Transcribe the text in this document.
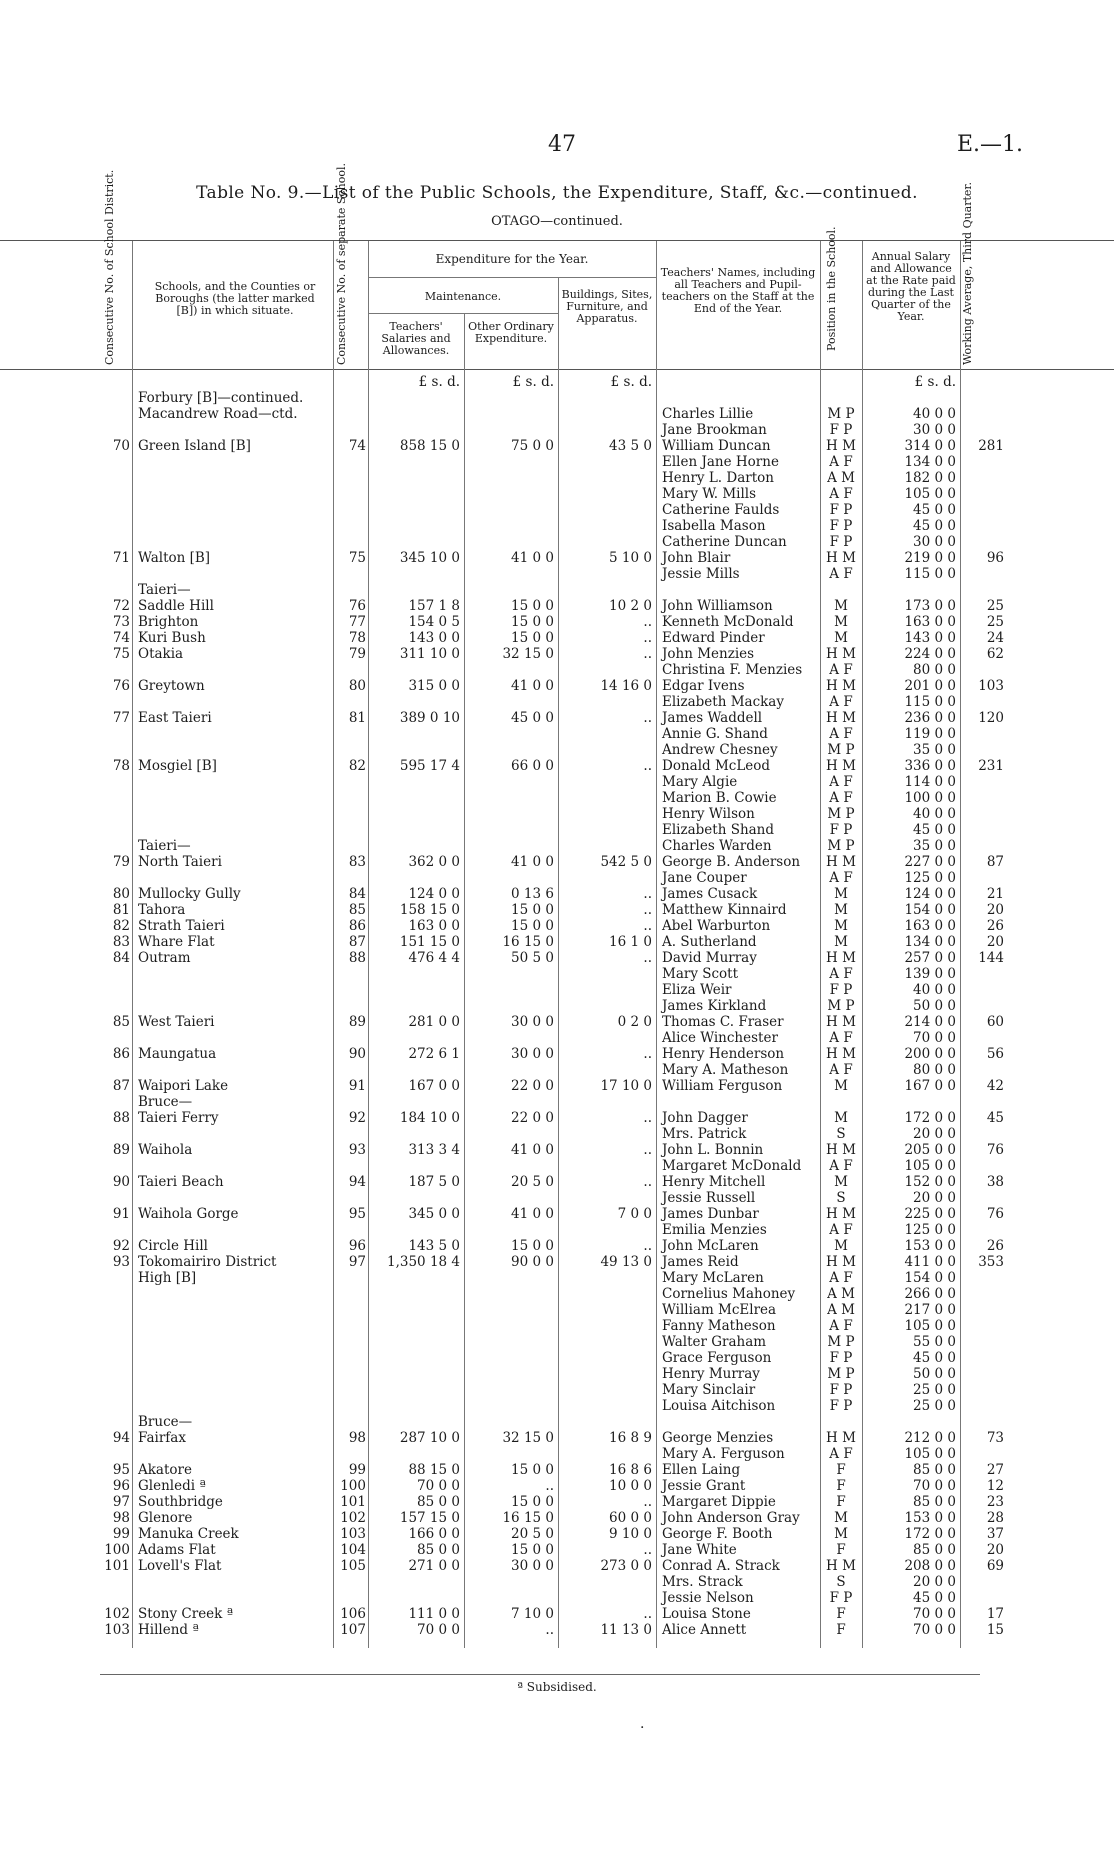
47	E.—1.
Table No. 9.—List of the Public Schools, the Expenditure, Staff, &c.—continued.
OTAGO—continued.
Consecutive No. of School District.	Schools, and the Counties or Boroughs (the latter marked [B]) in which situate.	Consecutive No. of separate School.	Expenditure for the Year.
Maintenance.
Teachers' Salaries and Allowances.
Other Ordinary Expenditure.
Buildings, Sites, Furniture, and Apparatus.
Teachers' Names, including all Teachers and Pupil-teachers on the Staff at the End of the Year.	Position in the School.	Annual Salary and Allowance at the Rate paid during the Last Quarter of the Year.	Working Average, Third Quarter.
£ s. d.	£ s. d.	£ s. d.	£ s. d.
Forbury [B]—continued.
Macandrew Road—ctd.	Charles Lillie	M P	40 0 0
Jane Brookman	F P	30 0 0
70 Green Island [B]	74	858 15 0	75 0 0	43 5 0 William Duncan	H M	314 0 0	281
Ellen Jane Horne	A F	134 0 0
Henry L. Darton	A M	182 0 0
Mary W. Mills	A F	105 0 0
Catherine Faulds	F P	45 0 0
Isabella Mason	F P	45 0 0
Catherine Duncan	F P	30 0 0
71 Walton [B]	75	345 10 0	41 0 0	5 10 0 John Blair	H M	219 0 0	96
Jessie Mills	A F	115 0 0
Taieri—
72 Saddle Hill	76	157 1 8	15 0 0	10 2 0 John Williamson	M	173 0 0	25
73 Brighton	77	154 0 5	15 0 0	.. Kenneth McDonald	M	163 0 0	25
74 Kuri Bush	78	143 0 0	15 0 0	.. Edward Pinder	M	143 0 0	24
75 Otakia	79	311 10 0	32 15 0	.. John Menzies	H M	224 0 0	62
Christina F. Menzies	A F	80 0 0
76 Greytown	80	315 0 0	41 0 0	14 16 0 Edgar Ivens	H M	201 0 0	103
Elizabeth Mackay	A F	115 0 0
77 East Taieri	81	389 0 10	45 0 0	.. James Waddell	H M	236 0 0	120
Annie G. Shand	A F	119 0 0
Andrew Chesney	M P	35 0 0
78 Mosgiel [B]	82	595 17 4	66 0 0	.. Donald McLeod	H M	336 0 0	231
Mary Algie	A F	114 0 0
Marion B. Cowie	A F	100 0 0
Henry Wilson	M P	40 0 0
Elizabeth Shand	F P	45 0 0
Taieri—	Charles Warden	M P	35 0 0
79 North Taieri	83	362 0 0	41 0 0	542 5 0 George B. Anderson	H M	227 0 0	87
Jane Couper	A F	125 0 0
80 Mullocky Gully	84	124 0 0	0 13 6	.. James Cusack	M	124 0 0	21
81 Tahora	85	158 15 0	15 0 0	.. Matthew Kinnaird	M	154 0 0	20
82 Strath Taieri	86	163 0 0	15 0 0	.. Abel Warburton	M	163 0 0	26
83 Whare Flat	87	151 15 0	16 15 0	16 1 0 A. Sutherland	M	134 0 0	20
84 Outram	88	476 4 4	50 5 0	.. David Murray	H M	257 0 0	144
Mary Scott	A F	139 0 0
Eliza Weir	F P	40 0 0
James Kirkland	M P	50 0 0
85 West Taieri	89	281 0 0	30 0 0	0 2 0 Thomas C. Fraser	H M	214 0 0	60
Alice Winchester	A F	70 0 0
86 Maungatua	90	272 6 1	30 0 0	.. Henry Henderson	H M	200 0 0	56
Mary A. Matheson	A F	80 0 0
87 Waipori Lake	91	167 0 0	22 0 0	17 10 0 William Ferguson	M	167 0 0	42
Bruce—
88 Taieri Ferry	92	184 10 0	22 0 0	.. John Dagger	M	172 0 0	45
Mrs. Patrick	S	20 0 0
89 Waihola	93	313 3 4	41 0 0	.. John L. Bonnin	H M	205 0 0	76
Margaret McDonald	A F	105 0 0
90 Taieri Beach	94	187 5 0	20 5 0	.. Henry Mitchell	M	152 0 0	38
Jessie Russell	S	20 0 0
91 Waihola Gorge	95	345 0 0	41 0 0	7 0 0 James Dunbar	H M	225 0 0	76
Emilia Menzies	A F	125 0 0
92 Circle Hill	96	143 5 0	15 0 0	.. John McLaren	M	153 0 0	26
93 Tokomairiro District	97	1,350 18 4	90 0 0	49 13 0 James Reid	H M	411 0 0	353
High [B]	Mary McLaren	A F	154 0 0
Cornelius Mahoney	A M	266 0 0
William McElrea	A M	217 0 0
Fanny Matheson	A F	105 0 0
Walter Graham	M P	55 0 0
Grace Ferguson	F P	45 0 0
Henry Murray	M P	50 0 0
Mary Sinclair	F P	25 0 0
Louisa Aitchison	F P	25 0 0
Bruce—
94 Fairfax	98	287 10 0	32 15 0	16 8 9 George Menzies	H M	212 0 0	73
Mary A. Ferguson	A F	105 0 0
95 Akatore	99	88 15 0	15 0 0	16 8 6 Ellen Laing	F	85 0 0	27
96 Glenledi ª	100	70 0 0	..	10 0 0 Jessie Grant	F	70 0 0	12
97 Southbridge	101	85 0 0	15 0 0	.. Margaret Dippie	F	85 0 0	23
98 Glenore	102	157 15 0	16 15 0	60 0 0 John Anderson Gray	M	153 0 0	28
99 Manuka Creek	103	166 0 0	20 5 0	9 10 0 George F. Booth	M	172 0 0	37
100 Adams Flat	104	85 0 0	15 0 0	.. Jane White	F	85 0 0	20
101 Lovell's Flat	105	271 0 0	30 0 0	273 0 0 Conrad A. Strack	H M	208 0 0	69
Mrs. Strack	S	20 0 0
Jessie Nelson	F P	45 0 0
102 Stony Creek ª	106	111 0 0	7 10 0	.. Louisa Stone	F	70 0 0	17
103 Hillend ª	107	70 0 0	..	11 13 0 Alice Annett	F	70 0 0	15
ª Subsidised.
·
